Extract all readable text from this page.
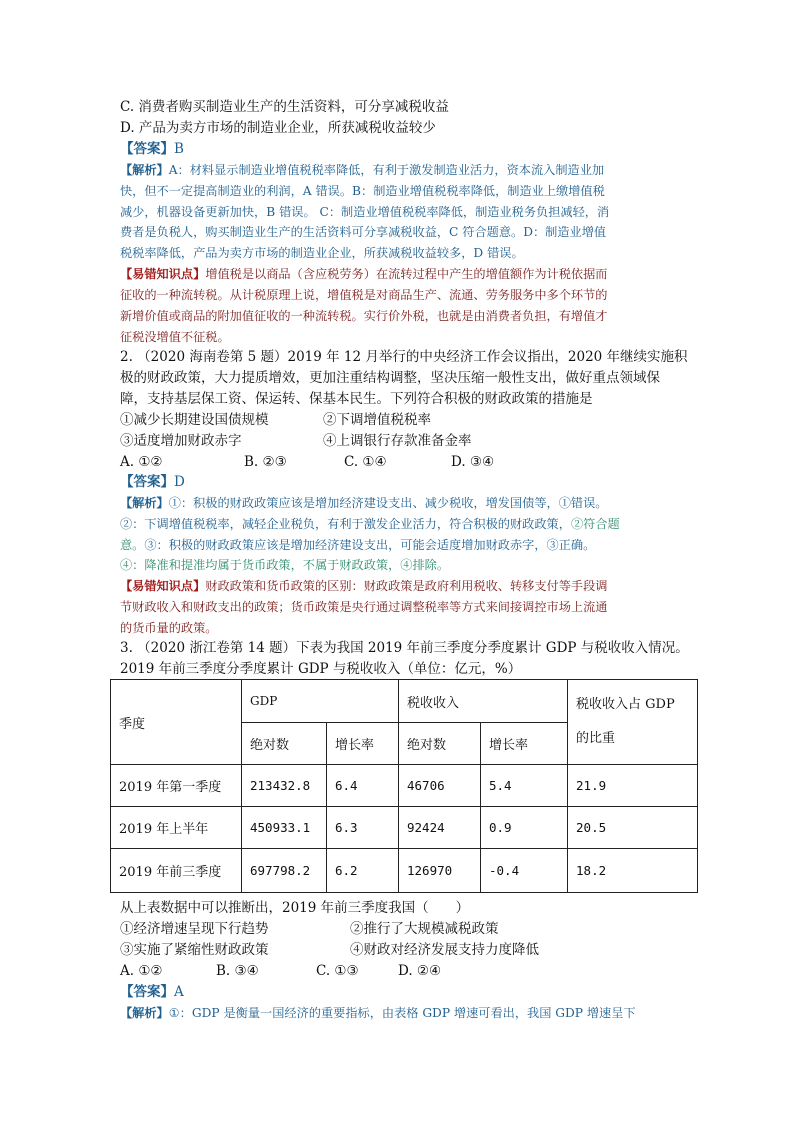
C. 消费者购买制造业生产的生活资料，可分享减税收益
D. 产品为卖方市场的制造业企业，所获减税收益较少
【答案】B
【解析】A：材料显示制造业增值税税率降低，有利于激发制造业活力，资本流入制造业加
快，但不一定提高制造业的利润，A 错误。B：制造业增值税税率降低，制造业上缴增值税
减少，机器设备更新加快，B 错误。 C：制造业增值税税率降低，制造业税务负担减轻，消
费者是负税人，购买制造业生产的生活资料可分享减税收益，C 符合题意。D：制造业增值
税税率降低，产品为卖方市场的制造业企业，所获减税收益较多，D 错误。
【易错知识点】增值税是以商品（含应税劳务）在流转过程中产生的增值额作为计税依据而
征收的一种流转税。从计税原理上说，增值税是对商品生产、流通、劳务服务中多个环节的
新增价值或商品的附加值征收的一种流转税。实行价外税，也就是由消费者负担，有增值才
征税没增值不征税。
2. （2020 海南卷第 5 题）2019 年 12 月举行的中央经济工作会议指出，2020 年继续实施积
极的财政政策，大力提质增效，更加注重结构调整，坚决压缩一般性支出，做好重点领域保
障，支持基层保工资、保运转、保基本民生。下列符合积极的财政政策的措施是
①减少长期建设国债规模	②下调增值税税率
③适度增加财政赤字	④上调银行存款准备金率
A. ①②	B. ②③	C. ①④	D. ③④
【答案】D
【解析】①：积极的财政政策应该是增加经济建设支出、减少税收，增发国债等，①错误。
②：下调增值税税率，减轻企业税负，有利于激发企业活力，符合积极的财政政策，②符合题
意。③：积极的财政政策应该是增加经济建设支出，可能会适度增加财政赤字，③正确。
④：降准和提准均属于货币政策，不属于财政政策，④排除。
【易错知识点】财政政策和货币政策的区别：财政政策是政府利用税收、转移支付等手段调
节财政收入和财政支出的政策；货币政策是央行通过调整税率等方式来间接调控市场上流通
的货币量的政策。
3. （2020 浙江卷第 14 题）下表为我国 2019 年前三季度分季度累计 GDP 与税收收入情况。
2019 年前三季度分季度累计 GDP 与税收收入（单位：亿元，%）
季度	GDP		税收收入		税收收入占 GDP
的比重

	绝对数	增长率	绝对数	增长率	
2019 年第一季度	213432.8	6.4	46706	5.4	21.9
2019 年上半年	450933.1	6.3	92424	0.9	20.5
2019 年前三季度	697798.2	6.2	126970	-0.4	18.2
从上表数据中可以推断出，2019 年前三季度我国（　　）
①经济增速呈现下行趋势	②推行了大规模减税政策
③实施了紧缩性财政政策	④财政对经济发展支持力度降低
A. ①②	B. ③④	C. ①③	D. ②④
【答案】A
【解析】①：GDP 是衡量一国经济的重要指标，由表格 GDP 增速可看出，我国 GDP 增速呈下
